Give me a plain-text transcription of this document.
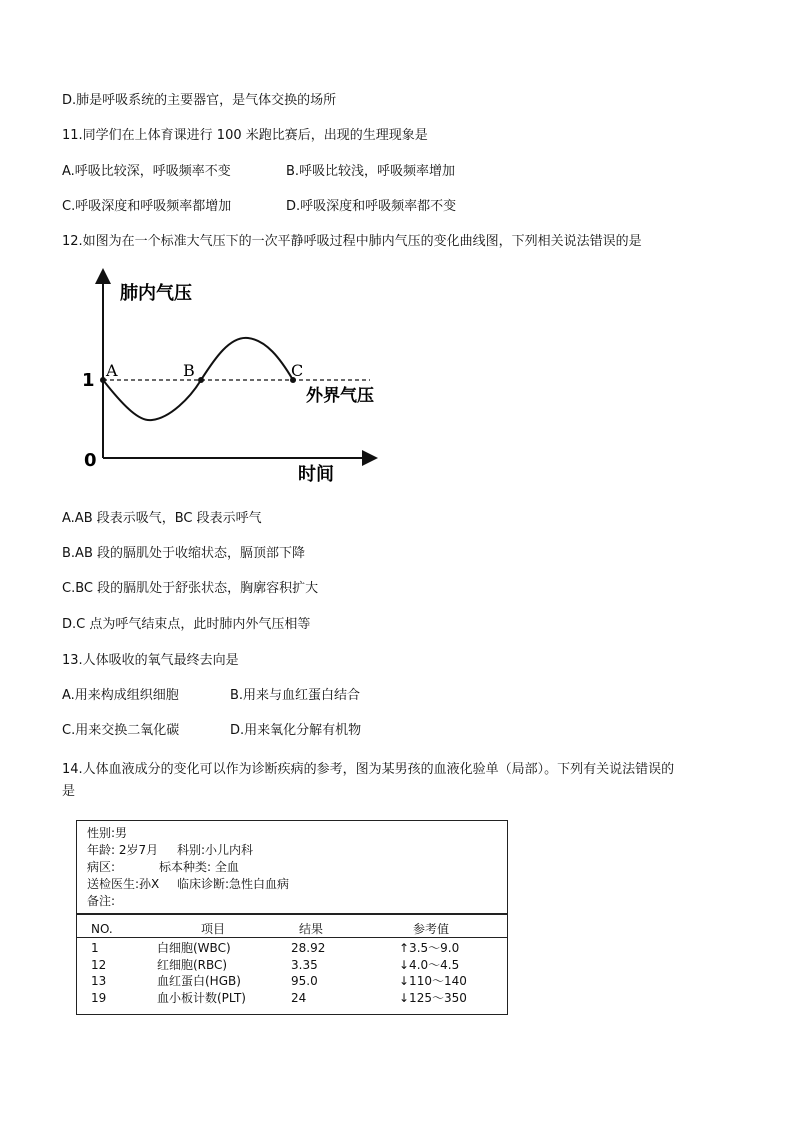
D.肺是呼吸系统的主要器官，是气体交换的场所
11.同学们在上体育课进行 100 米跑比赛后，出现的生理现象是
A.呼吸比较深，呼吸频率不变	B.呼吸比较浅，呼吸频率增加
C.呼吸深度和呼吸频率都增加	D.呼吸深度和呼吸频率都不变
12.如图为在一个标准大气压下的一次平静呼吸过程中肺内气压的变化曲线图，下列相关说法错误的是
肺内气压
时间
外界气压
1
0
A	B	C
A.AB 段表示吸气，BC 段表示呼气
B.AB 段的膈肌处于收缩状态，膈顶部下降
C.BC 段的膈肌处于舒张状态，胸廓容积扩大
D.C 点为呼气结束点，此时肺内外气压相等
13.人体吸收的氧气最终去向是
A.用来构成组织细胞	B.用来与血红蛋白结合
C.用来交换二氧化碳	D.用来氧化分解有机物
14.人体血液成分的变化可以作为诊断疾病的参考，图为某男孩的血液化验单（局部）。下列有关说法错误的
是
性别:男
年龄: 2岁7月 科别:小儿内科
病区:	标本种类: 全血
送检医生:孙X 临床诊断:急性白血病
备注:
NO.	项目	结果	参考值
1	白细胞(WBC)	28.92	↑3.5～9.0
12	红细胞(RBC)	3.35	↓4.0～4.5
13	血红蛋白(HGB)	95.0	↓110～140
19	血小板计数(PLT)	24	↓125～350
